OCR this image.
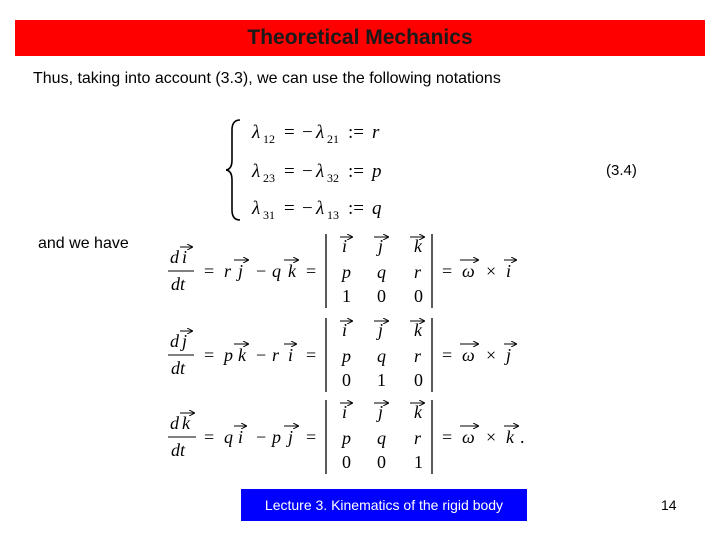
Theoretical Mechanics
Thus, taking into account (3.3), we can use the following notations
λ 12 = − λ 21 := r
λ 23 = − λ 32 := p
λ 31 = − λ 13 := q
(3.4)
and we have
d i
dt
= r j − q k =
i j k
p q r
1 0 0
= ω × i
d j
dt
= p k − r i =
i j k
p q r
0 1 0
= ω × j
d k
dt
= q i − p j =
i j k
p q r
0 0 1
= ω × k .
Lecture 3. Kinematics of the rigid body	14
